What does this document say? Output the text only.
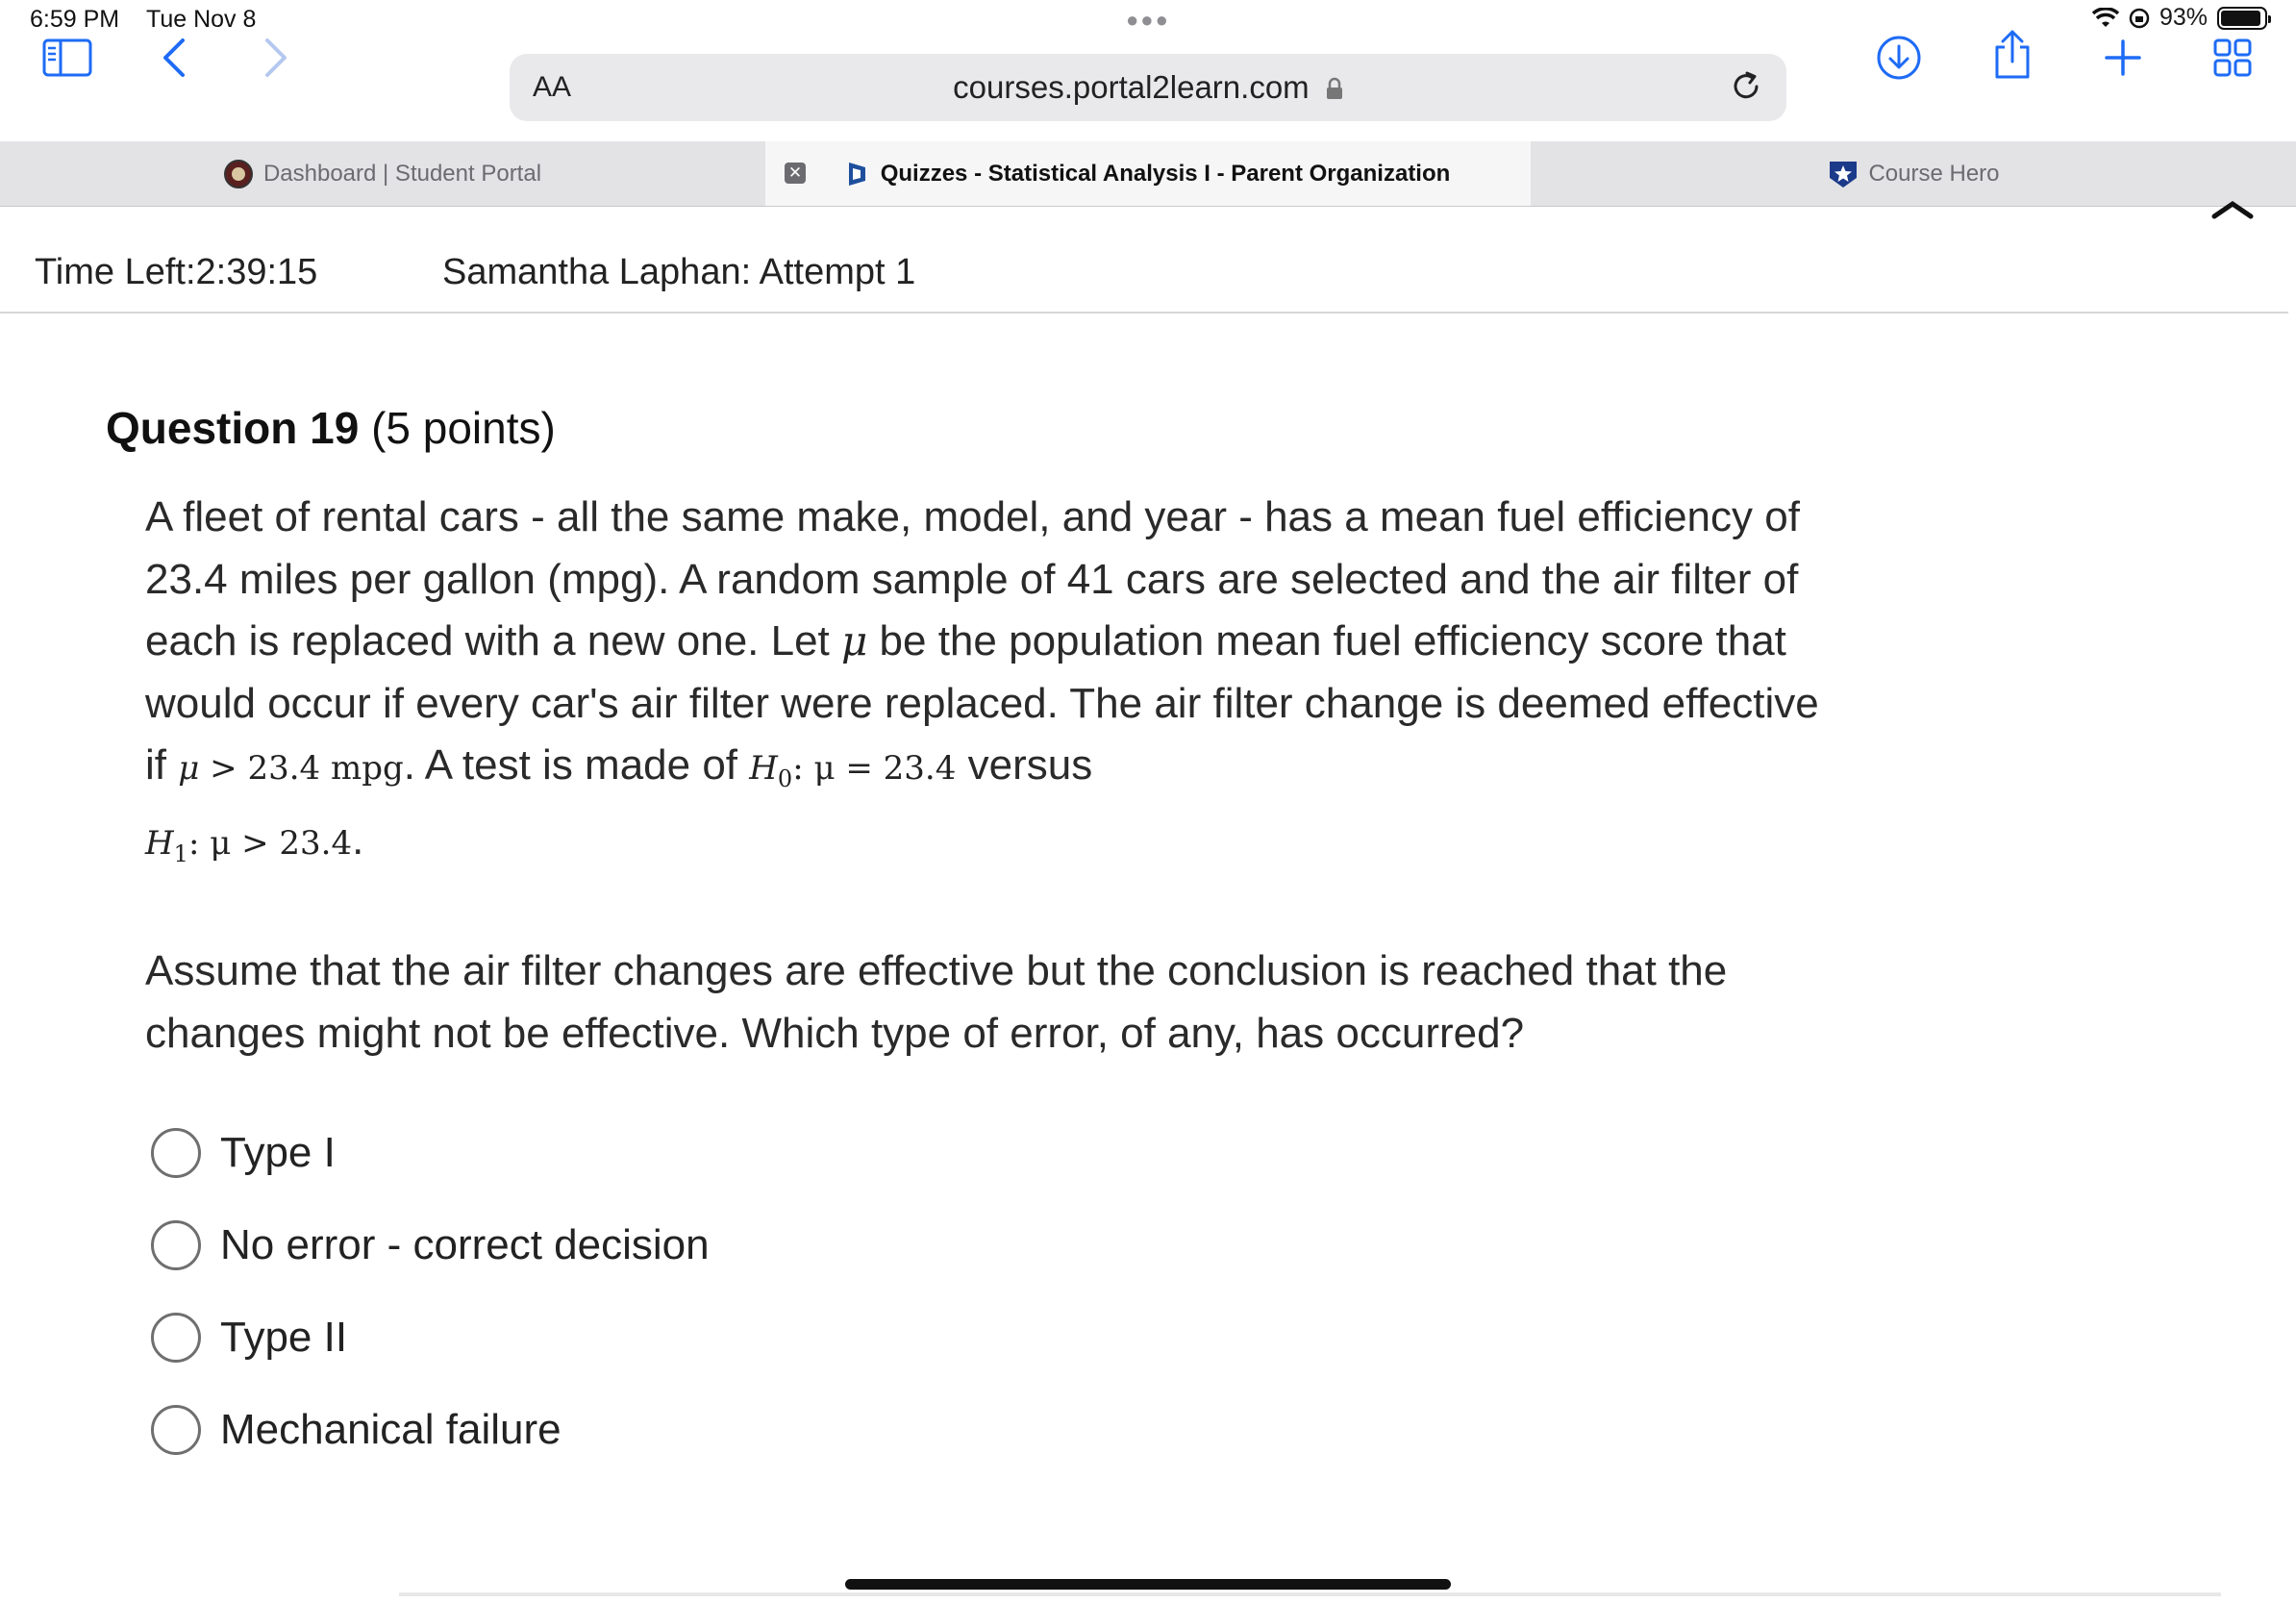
6:59 PM Tue Nov 8	●●●	93%
AA	courses.portal2learn.com
Dashboard | Student Portal	✕	Quizzes - Statistical Analysis I - Parent Organization	Course Hero
Time Left:2:39:15	Samantha Laphan: Attempt 1
Question 19 (5 points)
A fleet of rental cars - all the same make, model, and year - has a mean fuel efficiency of 23.4 miles per gallon (mpg). A random sample of 41 cars are selected and the air filter of each is replaced with a new one. Let μ be the population mean fuel efficiency score that would occur if every car's air filter were replaced. The air filter change is deemed effective if μ > 23.4 mpg. A test is made of $H_0$: μ = 23.4 versus
$H_1$: μ > 23.4.
Assume that the air filter changes are effective but the conclusion is reached that the changes might not be effective. Which type of error, of any, has occurred?
Type I
No error - correct decision
Type II
Mechanical failure
